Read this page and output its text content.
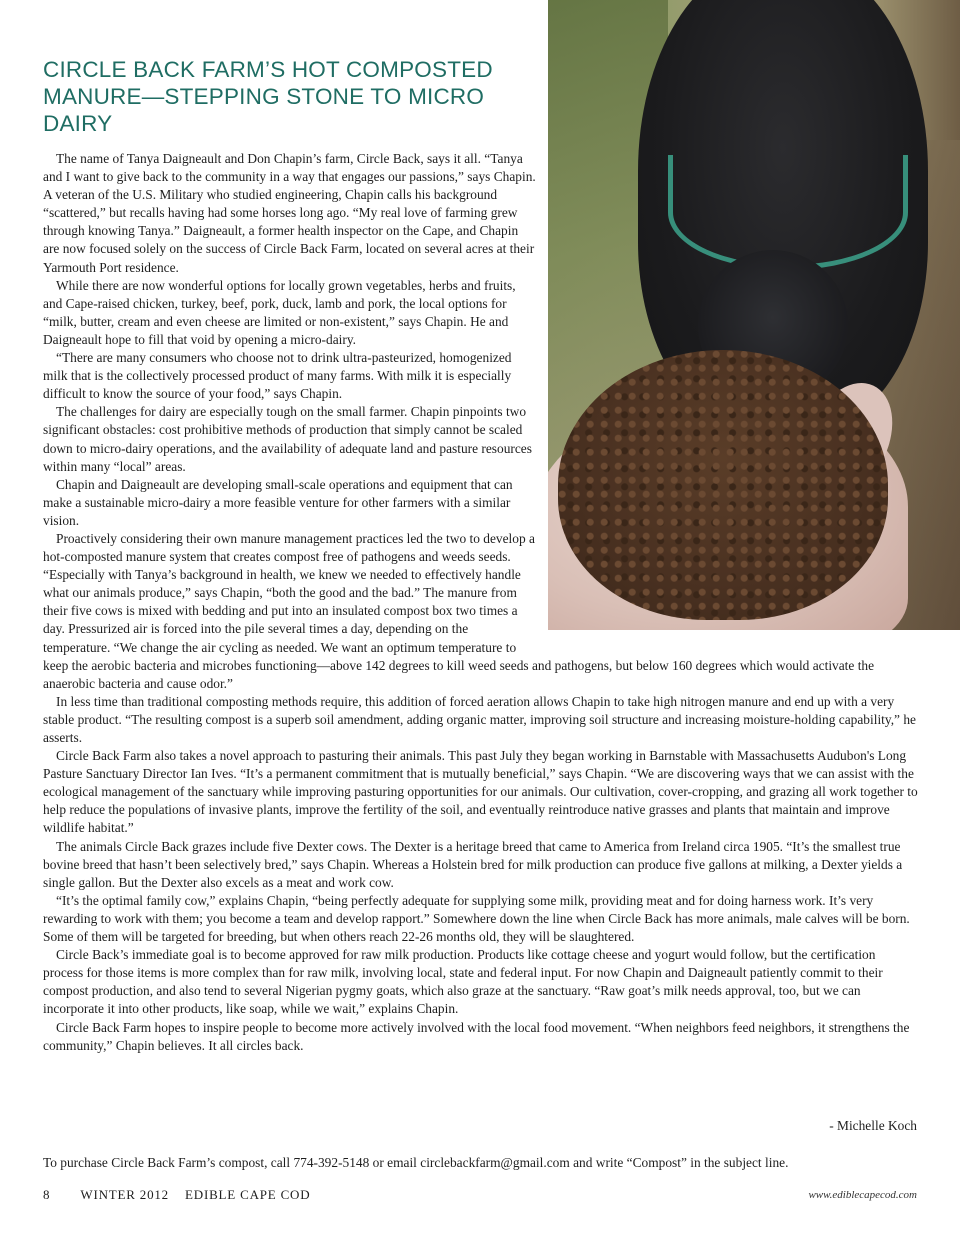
CIRCLE BACK FARM’S HOT COMPOSTED MANURE—STEPPING STONE TO MICRO DAIRY

The name of Tanya Daigneault and Don Chapin’s farm, Circle Back, says it all. “Tanya and I want to give back to the community in a way that engages our passions,” says Chapin. A veteran of the U.S. Military who studied engineering, Chapin calls his background “scattered,” but recalls having had some horses long ago. “My real love of farming grew through knowing Tanya.” Daigneault, a former health inspector on the Cape, and Chapin are now focused solely on the success of Circle Back Farm, located on several acres at their Yarmouth Port residence.

While there are now wonderful options for locally grown vegetables, herbs and fruits, and Cape-raised chicken, turkey, beef, pork, duck, lamb and pork, the local options for “milk, butter, cream and even cheese are limited or non-existent,” says Chapin. He and Daigneault hope to fill that void by opening a micro-dairy.

“There are many consumers who choose not to drink ultra-pasteurized, homogenized milk that is the collectively processed product of many farms. With milk it is especially difficult to know the source of your food,” says Chapin.

The challenges for dairy are especially tough on the small farmer. Chapin pinpoints two significant obstacles: cost prohibitive methods of production that simply cannot be scaled down to micro-dairy operations, and the availability of adequate land and pasture resources within many “local” areas.

Chapin and Daigneault are developing small-scale operations and equipment that can make a sustainable micro-dairy a more feasible venture for other farmers with a similar vision.

Proactively considering their own manure management practices led the two to develop a hot-composted manure system that creates compost free of pathogens and weeds seeds. “Especially with Tanya’s background in health, we knew we needed to effectively handle what our animals produce,” says Chapin, “both the good and the bad.” The manure from their five cows is mixed with bedding and put into an insulated compost box two times a day. Pressurized air is forced into the pile several times a day, depending on the temperature. “We change the air cycling as needed. We want an optimum temperature to keep the aerobic bacteria and microbes functioning—above 142 degrees to kill weed seeds and pathogens, but below 160 degrees which would activate the anaerobic bacteria and cause odor.”

In less time than traditional composting methods require, this addition of forced aeration allows Chapin to take high nitrogen manure and end up with a very stable product. “The resulting compost is a superb soil amendment, adding organic matter, improving soil structure and increasing moisture-holding capability,” he asserts.

Circle Back Farm also takes a novel approach to pasturing their animals. This past July they began working in Barnstable with Massachusetts Audubon's Long Pasture Sanctuary Director Ian Ives. “It’s a permanent commitment that is mutually beneficial,” says Chapin. “We are discovering ways that we can assist with the ecological management of the sanctuary while improving pasturing opportunities for our animals. Our cultivation, cover-cropping, and grazing all work together to help reduce the populations of invasive plants, improve the fertility of the soil, and eventually reintroduce native grasses and plants that maintain and improve wildlife habitat.”

The animals Circle Back grazes include five Dexter cows. The Dexter is a heritage breed that came to America from Ireland circa 1905. “It’s the smallest true bovine breed that hasn’t been selectively bred,” says Chapin. Whereas a Holstein bred for milk production can produce five gallons at milking, a Dexter yields a single gallon. But the Dexter also excels as a meat and work cow.

“It’s the optimal family cow,” explains Chapin, “being perfectly adequate for supplying some milk, providing meat and for doing harness work. It’s very rewarding to work with them; you become a team and develop rapport.” Somewhere down the line when Circle Back has more animals, male calves will be born. Some of them will be targeted for breeding, but when others reach 22-26 months old, they will be slaughtered.

Circle Back’s immediate goal is to become approved for raw milk production. Products like cottage cheese and yogurt would follow, but the certification process for those items is more complex than for raw milk, involving local, state and federal input. For now Chapin and Daigneault patiently commit to their compost production, and also tend to several Nigerian pygmy goats, which also graze at the sanctuary. “Raw goat’s milk needs approval, too, but we can incorporate it into other products, like soap, while we wait,” explains Chapin.

Circle Back Farm hopes to inspire people to become more actively involved with the local food movement. “When neighbors feed neighbors, it strengthens the community,” Chapin believes. It all circles back.

- Michelle Koch
To purchase Circle Back Farm’s compost, call 774-392-5148 or email circlebackfarm@gmail.com and write “Compost” in the subject line.
8 WINTER 2012 EDIBLE CAPE COD	www.ediblecapecod.com
